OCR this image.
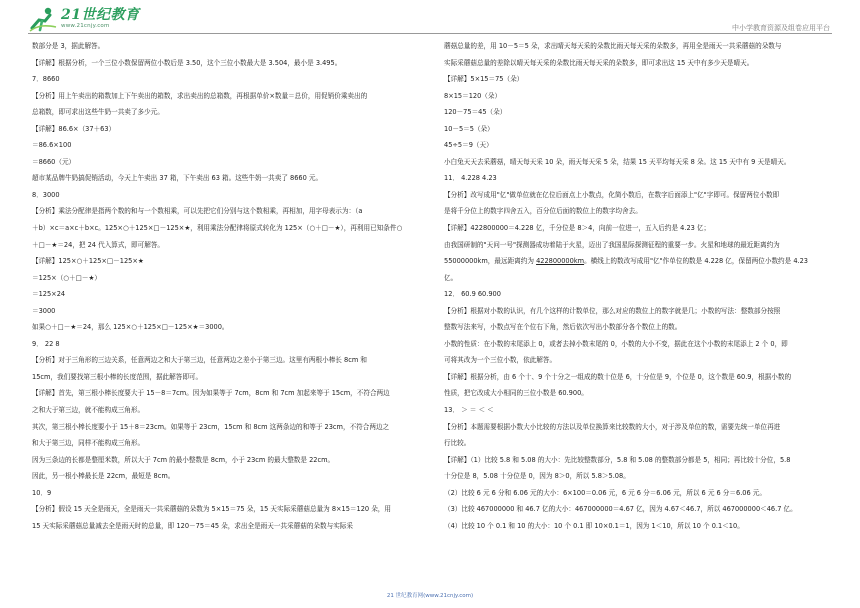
21世纪教育
www.21cnjy.com	中小学教育资源及组卷应用平台
数部分是 3，据此解答。
【详解】根据分析，一个三位小数保留两位小数后是 3.50，这个三位小数最大是 3.504，最小是 3.495。
7．8660
【分析】用上午卖出的箱数加上下午卖出的箱数，求出卖出的总箱数，再根据单价×数量＝总价，用促销价乘卖出的
总箱数，即可求出这些牛奶一共卖了多少元。
【详解】86.6×（37＋63）
＝86.6×100
＝8660（元）
超市某品牌牛奶搞促销活动，今天上午卖出 37 箱，下午卖出 63 箱。这些牛奶一共卖了 8660 元。
8．3000
【分析】乘法分配律是指两个数的和与一个数相乘，可以先把它们分别与这个数相乘，再相加，用字母表示为：（a
＋b）×c＝a×c＋b×c。125×○＋125×□－125×★，利用乘法分配律将原式转化为 125×（○＋□－★），再利用已知条件○
＋□－★＝24，把 24 代入算式，即可解答。
【详解】125×○＋125×□－125×★
＝125×（○＋□－★）
＝125×24
＝3000
如果○＋□－★＝24，那么 125×○＋125×□－125×★＝3000。
9． 22 8
【分析】对于三角形的三边关系，任意两边之和大于第三边，任意两边之差小于第三边。这里有两根小棒长 8cm 和
15cm，我们要找第三根小棒的长度范围，据此解答即可。
【详解】首先，第三根小棒长度要大于 15－8＝7cm。因为如果等于 7cm，8cm 和 7cm 加起来等于 15cm，不符合两边
之和大于第三边，就不能构成三角形。
其次，第三根小棒长度要小于 15＋8＝23cm。如果等于 23cm，15cm 和 8cm 这两条边的和等于 23cm，不符合两边之
和大于第三边，同样不能构成三角形。
因为三条边的长都是整厘米数，所以大于 7cm 的最小整数是 8cm，小于 23cm 的最大整数是 22cm。
因此，另一根小棒最长是 22cm，最短是 8cm。
10．9
【分析】假设 15 天全是雨天，全是雨天一共采蘑菇的朵数为 5×15＝75 朵，15 天实际采蘑菇总量为 8×15＝120 朵，用
15 天实际采蘑菇总量减去全是雨天时的总量，即 120－75＝45 朵，求出全是雨天一共采蘑菇的朵数与实际采
蘑菇总量的差，用 10－5＝5 朵，求出晴天每天采的朵数比雨天每天采的朵数多，再用全是雨天一共采蘑菇的朵数与
实际采蘑菇总量的差除以晴天每天采的朵数比雨天每天采的朵数多，即可求出这 15 天中有多少天是晴天。
【详解】5×15＝75（朵）
8×15＝120（朵）
120－75＝45（朵）
10－5＝5（朵）
45÷5＝9（天）
小白兔天天去采蘑菇，晴天每天采 10 朵，雨天每天采 5 朵，结果 15 天平均每天采 8 朵。这 15 天中有 9 天是晴天。
11． 4.228 4.23
【分析】改写成用"亿"做单位就在亿位后面点上小数点，化简小数后，在数字后面添上"亿"字即可。保留两位小数即
是将千分位上的数字四舍五入，百分位后面的数位上的数字均舍去。
【详解】422800000＝4.228 亿，千分位是 8＞4，向前一位进一，五入后约是 4.23 亿；
由我国研制的"天问一号"探测器成功着陆于火星，迈出了我国星际探测征程的重要一步。火星和地球的最近距离约为
55000000km，最远距离约为 422800000km。横线上的数改写成用"亿"作单位的数是 4.228 亿，保留两位小数约是 4.23
亿。
12． 60.9 60.900
【分析】根据对小数的认识，有几个这样的计数单位，那么对应的数位上的数字就是几；小数的写法：整数部分按照
整数写法来写，小数点写在个位右下角，然后依次写出小数部分各个数位上的数。
小数的性质：在小数的末尾添上 0，或者去掉小数末尾的 0，小数的大小不变，据此在这个小数的末尾添上 2 个 0，即
可将其改为一个三位小数，依此解答。
【详解】根据分析，由 6 个十、9 个十分之一组成的数十位是 6，十分位是 9，个位是 0，这个数是 60.9，根据小数的
性质，把它改成大小相同的三位小数是 60.900。
13． ＞ ＝ ＜ ＜
【分析】本题需要根据小数大小比较的方法以及单位换算来比较数的大小，对于涉及单位的数，需要先统一单位再进
行比较。
【详解】（1）比较 5.8 和 5.08 的大小：先比较整数部分，5.8 和 5.08 的整数部分都是 5，相同；再比较十分位，5.8
十分位是 8，5.08 十分位是 0，因为 8＞0，所以 5.8＞5.08。
（2）比较 6 元 6 分和 6.06 元的大小：6×100＝0.06 元，6 元 6 分＝6.06 元，所以 6 元 6 分＝6.06 元。
（3）比较 467000000 和 46.7 亿的大小：467000000＝4.67 亿，因为 4.67＜46.7，所以 467000000＜46.7 亿。
（4）比较 10 个 0.1 和 10 的大小：10 个 0.1 即 10×0.1＝1，因为 1＜10，所以 10 个 0.1＜10。
21 世纪教育网(www.21cnjy.com)
